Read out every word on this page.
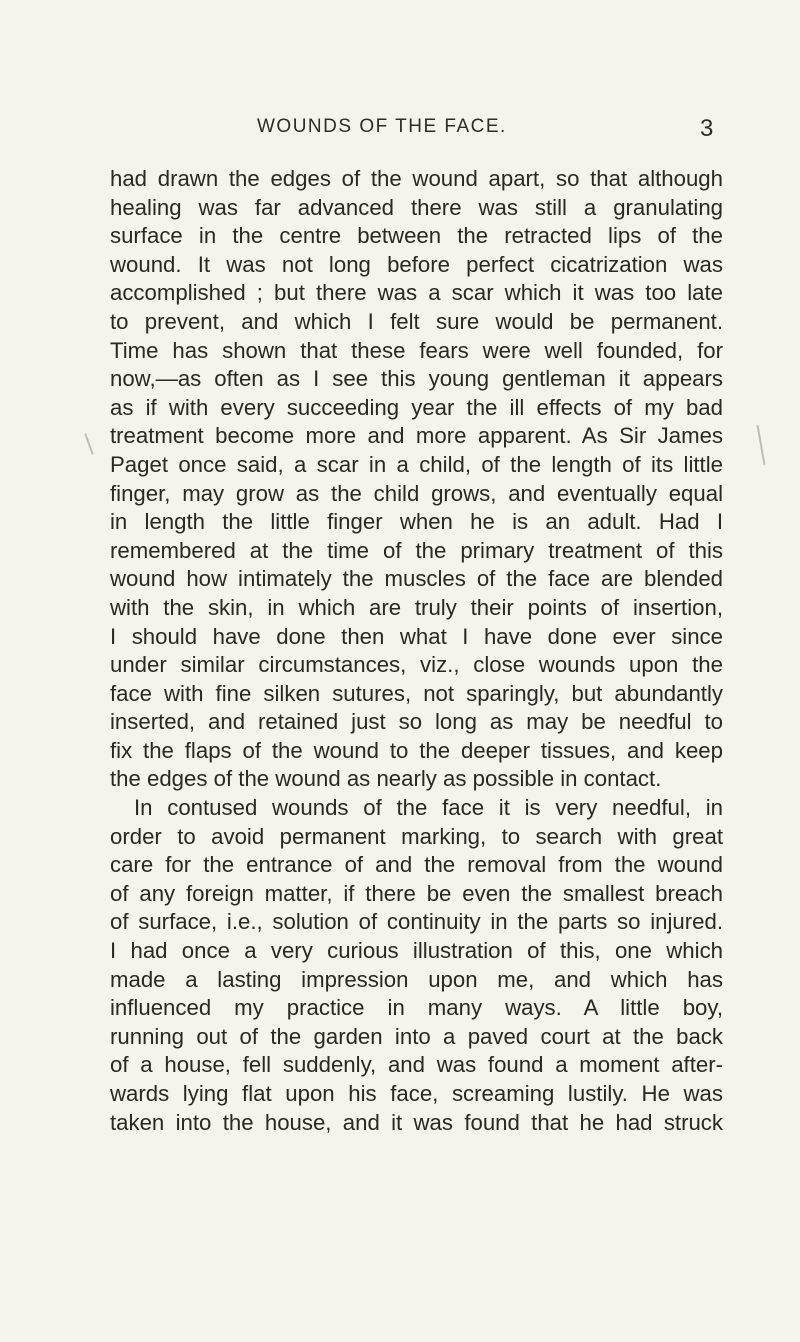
WOUNDS OF THE FACE.	3
had drawn the edges of the wound apart, so that although
healing was far advanced there was still a granulating
surface in the centre between the retracted lips of the
wound. It was not long before perfect cicatrization was
accomplished ; but there was a scar which it was too late
to prevent, and which I felt sure would be permanent.
Time has shown that these fears were well founded, for
now,—as often as I see this young gentleman it appears
as if with every succeeding year the ill effects of my bad
treatment become more and more apparent. As Sir James
Paget once said, a scar in a child, of the length of its little
finger, may grow as the child grows, and eventually equal
in length the little finger when he is an adult. Had I
remembered at the time of the primary treatment of this
wound how intimately the muscles of the face are blended
with the skin, in which are truly their points of insertion,
I should have done then what I have done ever since
under similar circumstances, viz., close wounds upon the
face with fine silken sutures, not sparingly, but abundantly
inserted, and retained just so long as may be needful to
fix the flaps of the wound to the deeper tissues, and keep
the edges of the wound as nearly as possible in contact.
In contused wounds of the face it is very needful, in
order to avoid permanent marking, to search with great
care for the entrance of and the removal from the wound
of any foreign matter, if there be even the smallest breach
of surface, i.e., solution of continuity in the parts so injured.
I had once a very curious illustration of this, one which
made a lasting impression upon me, and which has
influenced my practice in many ways. A little boy,
running out of the garden into a paved court at the back
of a house, fell suddenly, and was found a moment after-
wards lying flat upon his face, screaming lustily. He was
taken into the house, and it was found that he had struck
